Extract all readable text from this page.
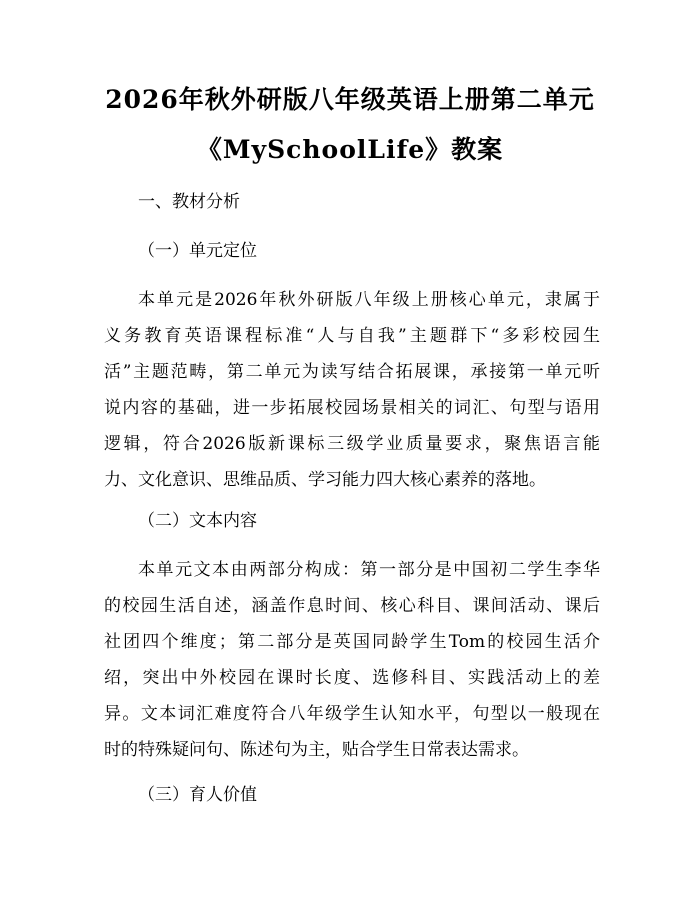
2026年秋外研版八年级英语上册第二单元
《MySchoolLife》教案
一、教材分析
（一）单元定位
本单元是2026年秋外研版八年级上册核心单元，隶属于
义务教育英语课程标准“人与自我”主题群下“多彩校园生
活”主题范畴，第二单元为读写结合拓展课，承接第一单元听
说内容的基础，进一步拓展校园场景相关的词汇、句型与语用
逻辑，符合2026版新课标三级学业质量要求，聚焦语言能
力、文化意识、思维品质、学习能力四大核心素养的落地。
（二）文本内容
本单元文本由两部分构成：第一部分是中国初二学生李华
的校园生活自述，涵盖作息时间、核心科目、课间活动、课后
社团四个维度；第二部分是英国同龄学生Tom的校园生活介
绍，突出中外校园在课时长度、选修科目、实践活动上的差
异。文本词汇难度符合八年级学生认知水平，句型以一般现在
时的特殊疑问句、陈述句为主，贴合学生日常表达需求。
（三）育人价值
